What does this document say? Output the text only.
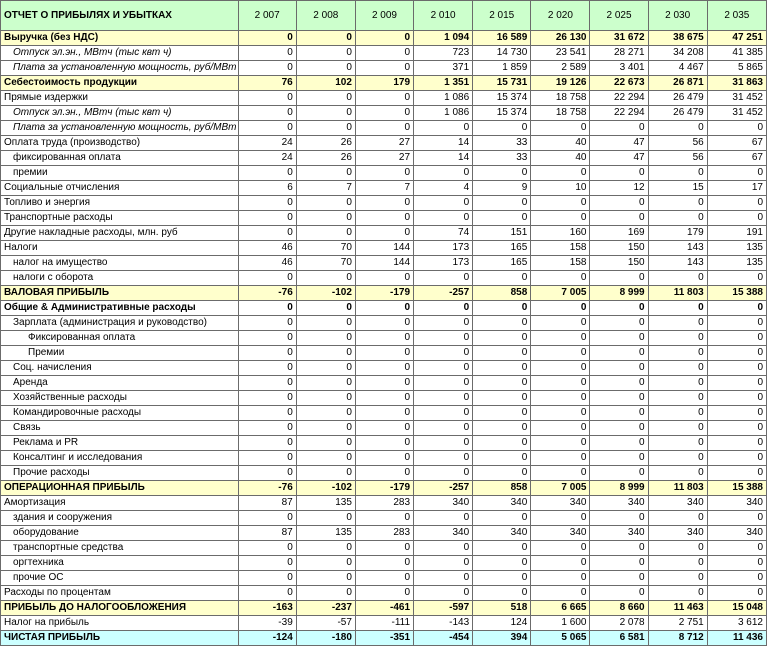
ОТЧЕТ О ПРИБЫЛЯХ И УБЫТКАХ	2 007	2 008	2 009	2 010	2 015	2 020	2 025	2 030	2 035
Выручка (без НДС)	0	0	0	1 094	16 589	26 130	31 672	38 675	47 251
Отпуск эл.эн., МВтч (тыс квт ч)	0	0	0	723	14 730	23 541	28 271	34 208	41 385
Плата за установленную мощность, руб/МВт	0	0	0	371	1 859	2 589	3 401	4 467	5 865
Себестоимость продукции	76	102	179	1 351	15 731	19 126	22 673	26 871	31 863
Прямые издержки	0	0	0	1 086	15 374	18 758	22 294	26 479	31 452
Отпуск эл.эн., МВтч (тыс квт ч)	0	0	0	1 086	15 374	18 758	22 294	26 479	31 452
Плата за установленную мощность, руб/МВт	0	0	0	0	0	0	0	0	0
Оплата труда (производство)	24	26	27	14	33	40	47	56	67
фиксированная оплата	24	26	27	14	33	40	47	56	67
премии	0	0	0	0	0	0	0	0	0
Социальные отчисления	6	7	7	4	9	10	12	15	17
Топливо и энергия	0	0	0	0	0	0	0	0	0
Транспортные расходы	0	0	0	0	0	0	0	0	0
Другие накладные расходы, млн. руб	0	0	0	74	151	160	169	179	191
Налоги	46	70	144	173	165	158	150	143	135
налог на имущество	46	70	144	173	165	158	150	143	135
налоги с оборота	0	0	0	0	0	0	0	0	0
ВАЛОВАЯ ПРИБЫЛЬ	-76	-102	-179	-257	858	7 005	8 999	11 803	15 388
Общие & Административные расходы	0	0	0	0	0	0	0	0	0
Зарплата (администрация и руководство)	0	0	0	0	0	0	0	0	0
Фиксированная оплата	0	0	0	0	0	0	0	0	0
Премии	0	0	0	0	0	0	0	0	0
Соц. начисления	0	0	0	0	0	0	0	0	0
Аренда	0	0	0	0	0	0	0	0	0
Хозяйственные расходы	0	0	0	0	0	0	0	0	0
Командировочные расходы	0	0	0	0	0	0	0	0	0
Связь	0	0	0	0	0	0	0	0	0
Реклама и PR	0	0	0	0	0	0	0	0	0
Консалтинг и исследования	0	0	0	0	0	0	0	0	0
Прочие расходы	0	0	0	0	0	0	0	0	0
ОПЕРАЦИОННАЯ ПРИБЫЛЬ	-76	-102	-179	-257	858	7 005	8 999	11 803	15 388
Амортизация	87	135	283	340	340	340	340	340	340
здания и сооружения	0	0	0	0	0	0	0	0	0
оборудование	87	135	283	340	340	340	340	340	340
транспортные средства	0	0	0	0	0	0	0	0	0
оргтехника	0	0	0	0	0	0	0	0	0
прочие ОС	0	0	0	0	0	0	0	0	0
Расходы по процентам	0	0	0	0	0	0	0	0	0
ПРИБЫЛЬ ДО НАЛОГООБЛОЖЕНИЯ	-163	-237	-461	-597	518	6 665	8 660	11 463	15 048
Налог на прибыль	-39	-57	-111	-143	124	1 600	2 078	2 751	3 612
ЧИСТАЯ ПРИБЫЛЬ	-124	-180	-351	-454	394	5 065	6 581	8 712	11 436
